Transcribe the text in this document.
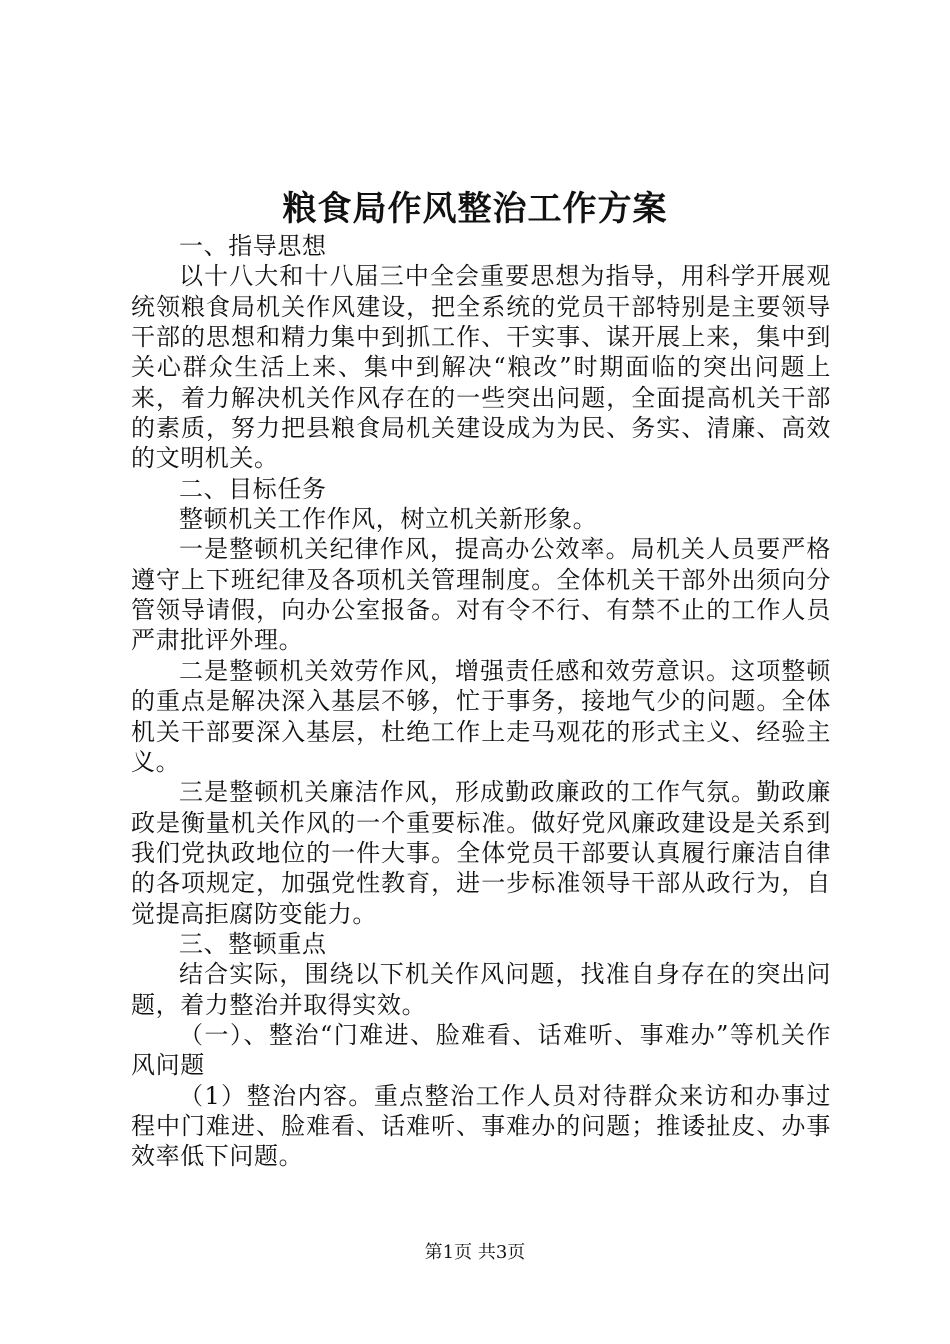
粮食局作风整治工作方案

一、指导思想

以十八大和十八届三中全会重要思想为指导，用科学开展观统领粮食局机关作风建设，把全系统的党员干部特别是主要领导干部的思想和精力集中到抓工作、干实事、谋开展上来，集中到关心群众生活上来、集中到解决“粮改”时期面临的突出问题上来，着力解决机关作风存在的一些突出问题，全面提高机关干部的素质，努力把县粮食局机关建设成为为民、务实、清廉、高效的文明机关。

二、目标任务

整顿机关工作作风，树立机关新形象。

一是整顿机关纪律作风，提高办公效率。局机关人员要严格遵守上下班纪律及各项机关管理制度。全体机关干部外出须向分管领导请假，向办公室报备。对有令不行、有禁不止的工作人员严肃批评外理。

二是整顿机关效劳作风，增强责任感和效劳意识。这项整顿的重点是解决深入基层不够，忙于事务，接地气少的问题。全体机关干部要深入基层，杜绝工作上走马观花的形式主义、经验主义。

三是整顿机关廉洁作风，形成勤政廉政的工作气氛。勤政廉政是衡量机关作风的一个重要标准。做好党风廉政建设是关系到我们党执政地位的一件大事。全体党员干部要认真履行廉洁自律的各项规定，加强党性教育，进一步标准领导干部从政行为，自觉提高拒腐防变能力。

三、整顿重点

结合实际，围绕以下机关作风问题，找准自身存在的突出问题，着力整治并取得实效。

（一）、整治“门难进、脸难看、话难听、事难办”等机关作风问题

（1）整治内容。重点整治工作人员对待群众来访和办事过程中门难进、脸难看、话难听、事难办的问题；推诿扯皮、办事效率低下问题。

第1页 共3页
